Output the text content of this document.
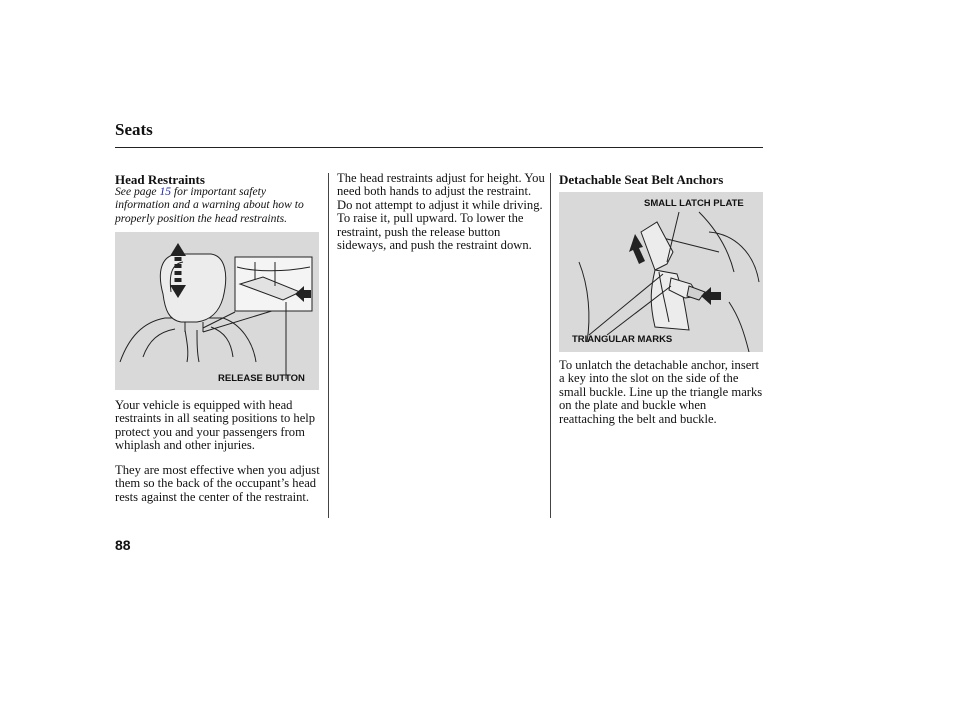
Seats
Head Restraints
See page 15 for important safety information and a warning about how to properly position the head restraints.
RELEASE BUTTON
Your vehicle is equipped with head restraints in all seating positions to help protect you and your passengers from whiplash and other injuries.
They are most effective when you adjust them so the back of the occupant’s head rests against the center of the restraint.
The head restraints adjust for height. You need both hands to adjust the restraint. Do not attempt to adjust it while driving. To raise it, pull upward. To lower the restraint, push the release button sideways, and push the restraint down.
Detachable Seat Belt Anchors
SMALL LATCH PLATE
TRIANGULAR MARKS
To unlatch the detachable anchor, insert a key into the slot on the side of the small buckle. Line up the triangle marks on the plate and buckle when reattaching the belt and buckle.
88
